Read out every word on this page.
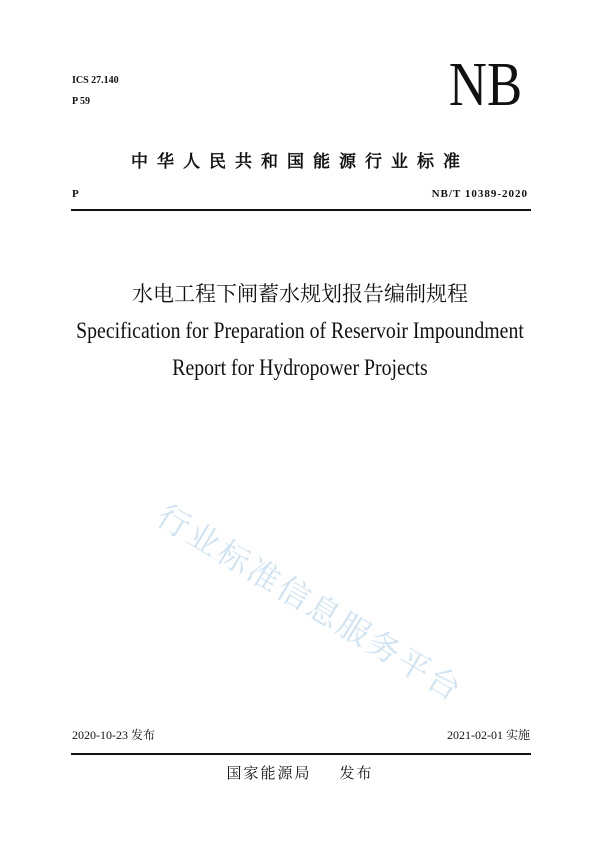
ICS 27.140
P 59	NB
中华人民共和国能源行业标准
P	NB/T 10389-2020
水电工程下闸蓄水规划报告编制规程
Specification for Preparation of Reservoir Impoundment
Report for Hydropower Projects
行业标准信息服务平台
2020-10-23 发布	2021-02-01 实施
国家能源局 发布
